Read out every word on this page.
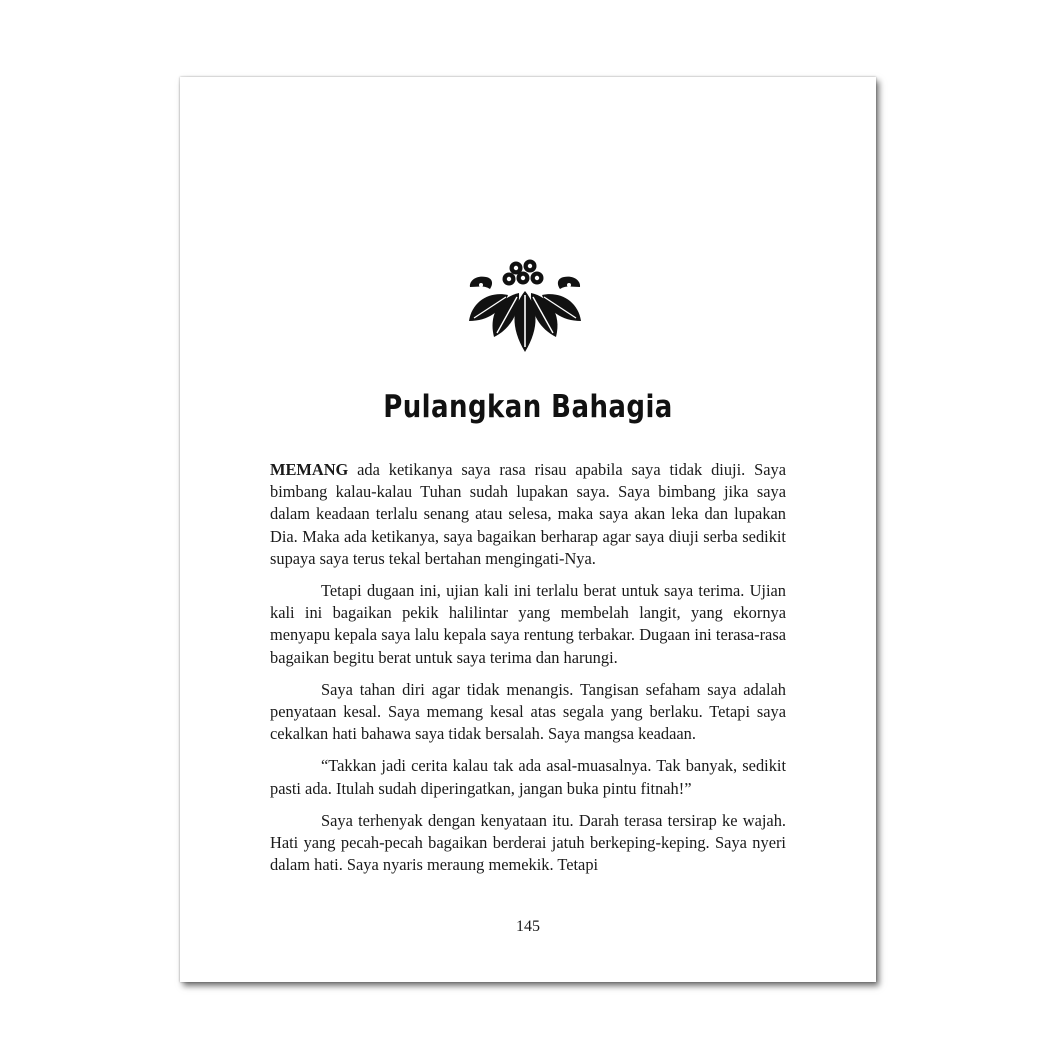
Pulangkan Bahagia

MEMANG ada ketikanya saya rasa risau apabila saya tidak diuji. Saya bimbang kalau-kalau Tuhan sudah lupakan saya. Saya bimbang jika saya dalam keadaan terlalu senang atau selesa, maka saya akan leka dan lupakan Dia. Maka ada ketikanya, saya bagaikan berharap agar saya diuji serba sedikit supaya saya terus tekal bertahan mengingati-Nya.

Tetapi dugaan ini, ujian kali ini terlalu berat untuk saya terima. Ujian kali ini bagaikan pekik halilintar yang membelah langit, yang ekornya menyapu kepala saya lalu kepala saya rentung terbakar. Dugaan ini terasa-rasa bagaikan begitu berat untuk saya terima dan harungi.

Saya tahan diri agar tidak menangis. Tangisan sefaham saya adalah penyataan kesal. Saya memang kesal atas segala yang berlaku. Tetapi saya cekalkan hati bahawa saya tidak bersalah. Saya mangsa keadaan.

“Takkan jadi cerita kalau tak ada asal-muasalnya. Tak banyak, sedikit pasti ada. Itulah sudah diperingatkan, jangan buka pintu fitnah!”

Saya terhenyak dengan kenyataan itu. Darah terasa tersirap ke wajah. Hati yang pecah-pecah bagaikan berderai jatuh berkeping-keping. Saya nyeri dalam hati. Saya nyaris meraung memekik. Tetapi

145
